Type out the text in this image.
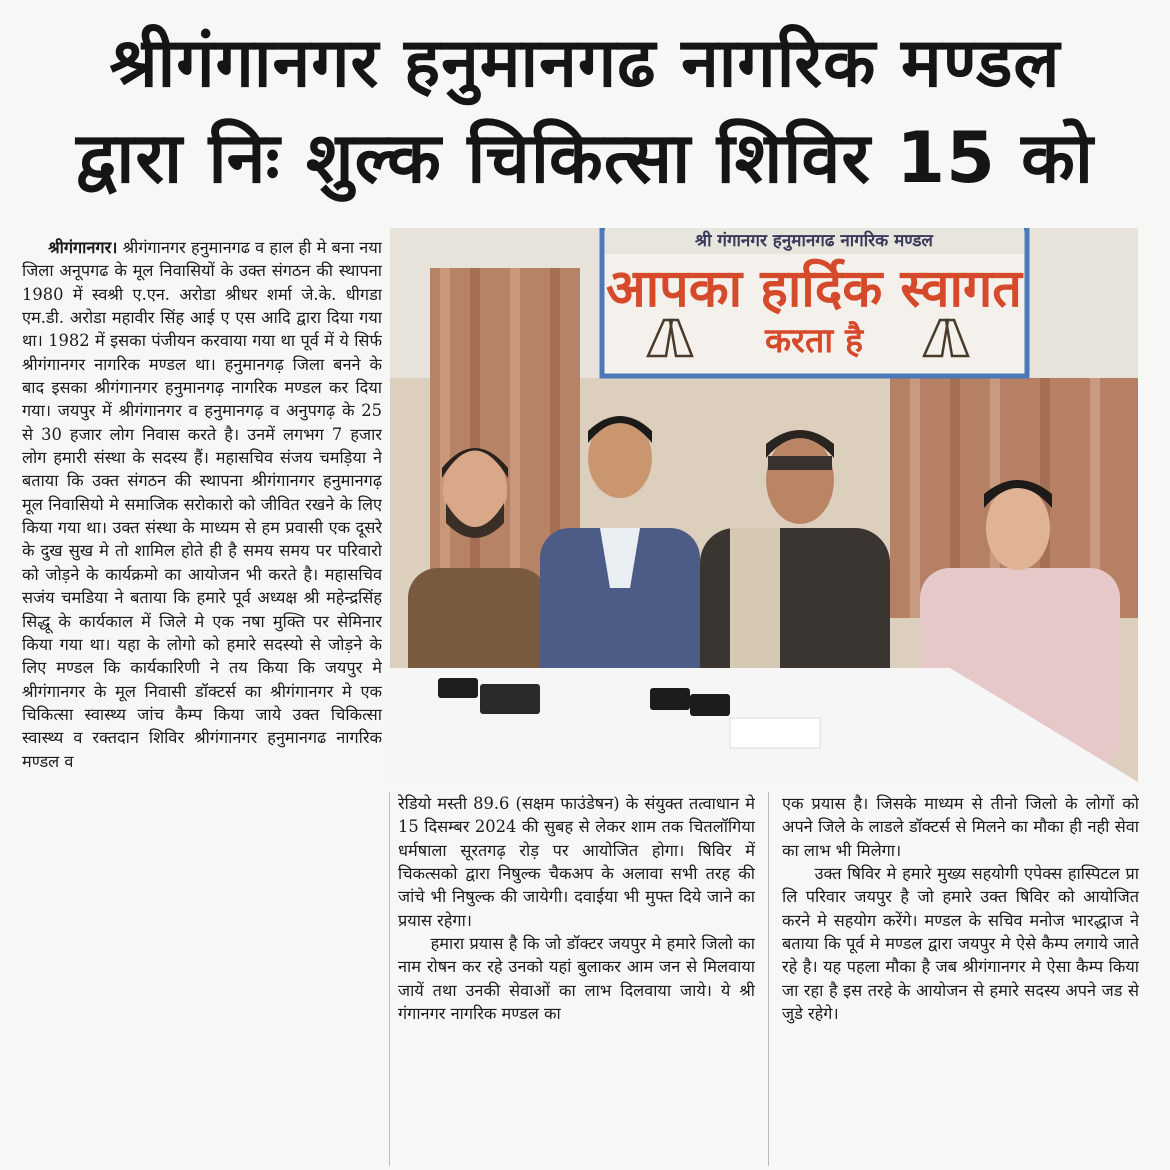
श्रीगंगानगर हनुमानगढ नागरिक मण्डल
द्वारा निः शुल्क चिकित्सा शिविर 15 को

श्रीगंगानगर। श्रीगंगानगर हनुमानगढ व हाल ही मे बना नया जिला अनूपगढ के मूल निवासियों के उक्त संगठन की स्थापना 1980 में स्वश्री ए.एन. अरोडा श्रीधर शर्मा जे.के. धीगडा एम.डी. अरोडा महावीर सिंह आई ए एस आदि द्वारा दिया गया था। 1982 में इसका पंजीयन करवाया गया था पूर्व में ये सिर्फ श्रीगंगानगर नागरिक मण्डल था। हनुमानगढ़ जिला बनने के बाद इसका श्रीगंगानगर हनुमानगढ़ नागरिक मण्डल कर दिया गया। जयपुर में श्रीगंगानगर व हनुमानगढ़ व अनुपगढ़ के 25 से 30 हजार लोग निवास करते है। उनमें लगभग 7 हजार लोग हमारी संस्था के सदस्य हैं। महासचिव संजय चमड़िया ने बताया कि उक्त संगठन की स्थापना श्रीगंगानगर हनुमानगढ़ मूल निवासियो मे समाजिक सरोकारो को जीवित रखने के लिए किया गया था। उक्त संस्था के माध्यम से हम प्रवासी एक दूसरे के दुख सुख मे तो शामिल होते ही है समय समय पर परिवारो को जोड़ने के कार्यक्रमो का आयोजन भी करते है। महासचिव सजंय चमडिया ने बताया कि हमारे पूर्व अध्यक्ष श्री महेन्द्रसिंह सिद्धू के कार्यकाल में जिले मे एक नषा मुक्ति पर सेमिनार किया गया था। यहा के लोगो को हमारे सदस्यो से जोड़ने के लिए मण्डल कि कार्यकारिणी ने तय किया कि जयपुर मे श्रीगंगानगर के मूल निवासी डॉक्टर्स का श्रीगंगानगर मे एक चिकित्सा स्वास्थ्य जांच कैम्प किया जाये उक्त चिकित्सा स्वास्थ्य व रक्तदान शिविर श्रीगंगानगर हनुमानगढ नागरिक मण्डल व

श्री गंगानगर हनुमानगढ नागरिक मण्डल
आपका हार्दिक स्वागत
करता है

रेडियो मस्ती 89.6 (सक्षम फाउंडेषन) के संयुक्त तत्वाधान मे 15 दिसम्बर 2024 की सुबह से लेकर शाम तक चितलॉगिया धर्मषाला सूरतगढ़ रोड़ पर आयोजित होगा। षिविर में चिकत्सको द्वारा निषुल्क चैकअप के अलावा सभी तरह की जांचे भी निषुल्क की जायेगी। दवाईया भी मुफ्त दिये जाने का प्रयास रहेगा।

हमारा प्रयास है कि जो डॉक्टर जयपुर मे हमारे जिलो का नाम रोषन कर रहे उनको यहां बुलाकर आम जन से मिलवाया जायें तथा उनकी सेवाओं का लाभ दिलवाया जाये। ये श्री गंगानगर नागरिक मण्डल का

एक प्रयास है। जिसके माध्यम से तीनो जिलो के लोगों को अपने जिले के लाडले डॉक्टर्स से मिलने का मौका ही नही सेवा का लाभ भी मिलेगा।

उक्त षिविर मे हमारे मुख्य सहयोगी एपेक्स हास्पिटल प्रा लि परिवार जयपुर है जो हमारे उक्त षिविर को आयोजित करने मे सहयोग करेंगे। मण्डल के सचिव मनोज भारद्धाज ने बताया कि पूर्व मे मण्डल द्वारा जयपुर मे ऐसे कैम्प लगाये जाते रहे है। यह पहला मौका है जब श्रीगंगानगर मे ऐसा कैम्प किया जा रहा है इस तरहे के आयोजन से हमारे सदस्य अपने जड से जुडे रहेगे।
